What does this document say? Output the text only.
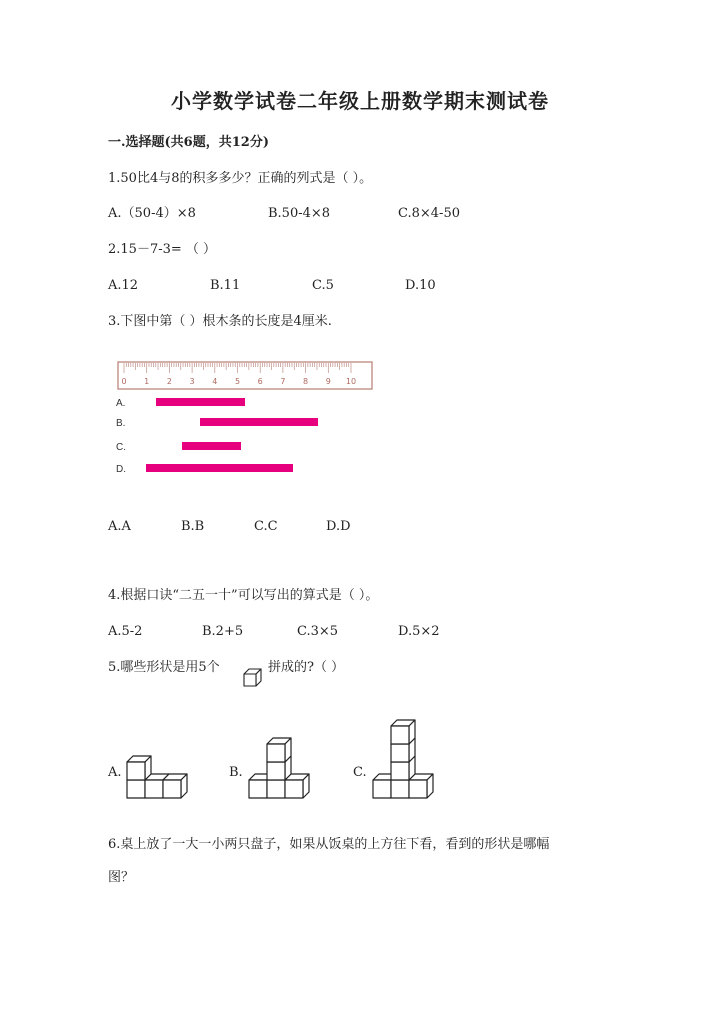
小学数学试卷二年级上册数学期末测试卷
一.选择题(共6题，共12分)
1.50比4与8的积多多少？正确的列式是（ ）。
A.（50-4）×8	B.50-4×8	C.8×4-50
2.15－7-3= （ ）
A.12	B.11	C.5	D.10
3.下图中第（ ）根木条的长度是4厘米.
0 1 2 3 4 5 6 7 8 9 10
A.
B.
C.
D.
A.A	B.B	C.C	D.D
4.根据口诀“二五一十”可以写出的算式是（ ）。
A.5-2	B.2+5	C.3×5	D.5×2
5.哪些形状是用5个	拼成的?（ ）
A.	B.	C.
6.桌上放了一大一小两只盘子，如果从饭桌的上方往下看，看到的形状是哪幅
图？
